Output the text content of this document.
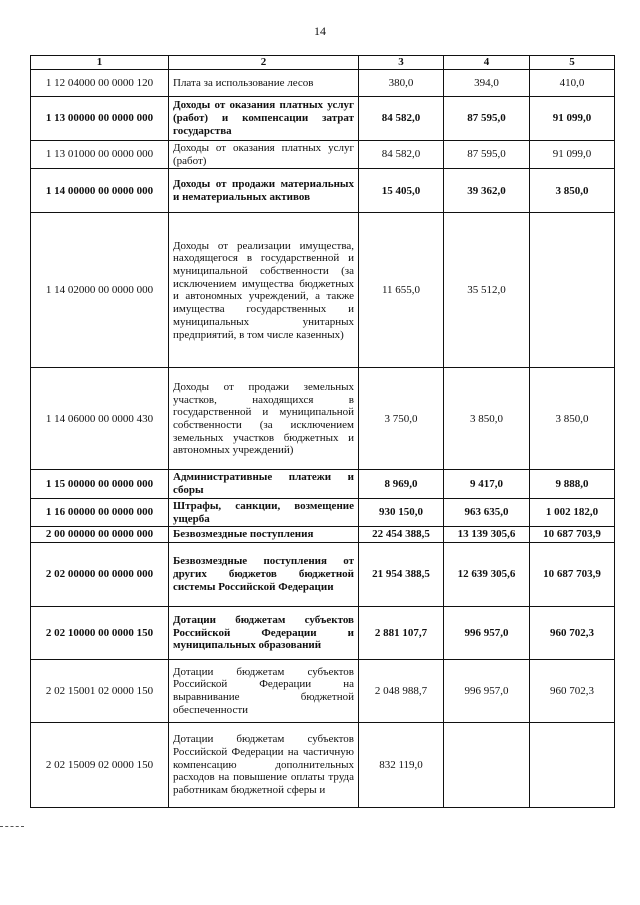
14
1	2	3	4	5
1 12 04000 00 0000 120	Плата за использование лесов	380,0	394,0	410,0
1 13 00000 00 0000 000	Доходы от оказания платных услуг (работ) и компенсации затрат государства	84 582,0	87 595,0	91 099,0
1 13 01000 00 0000 000	Доходы от оказания платных услуг (работ)	84 582,0	87 595,0	91 099,0
1 14 00000 00 0000 000	Доходы от продажи материальных и нематериальных активов	15 405,0	39 362,0	3 850,0
1 14 02000 00 0000 000	Доходы от реализации имущества, находящегося в государственной и муниципальной собственности (за исключением имущества бюджетных и автономных учреждений, а также имущества государственных и муниципальных унитарных предприятий, в том числе казенных)	11 655,0	35 512,0	
1 14 06000 00 0000 430	Доходы от продажи земельных участков, находящихся в государственной и муниципальной собственности (за исключением земельных участков бюджетных и автономных учреждений)	3 750,0	3 850,0	3 850,0
1 15 00000 00 0000 000	Административные платежи и сборы	8 969,0	9 417,0	9 888,0
1 16 00000 00 0000 000	Штрафы, санкции, возмещение ущерба	930 150,0	963 635,0	1 002 182,0
2 00 00000 00 0000 000	Безвозмездные поступления	22 454 388,5	13 139 305,6	10 687 703,9
2 02 00000 00 0000 000	Безвозмездные поступления от других бюджетов бюджетной системы Российской Федерации	21 954 388,5	12 639 305,6	10 687 703,9
2 02 10000 00 0000 150	Дотации бюджетам субъектов Российской Федерации и муниципальных образований	2 881 107,7	996 957,0	960 702,3
2 02 15001 02 0000 150	Дотации бюджетам субъектов Российской Федерации на выравнивание бюджетной обеспеченности	2 048 988,7	996 957,0	960 702,3
2 02 15009 02 0000 150	Дотации бюджетам субъектов Российской Федерации на частичную компенсацию дополнительных расходов на повышение оплаты труда работникам бюджетной сферы и	832 119,0		
